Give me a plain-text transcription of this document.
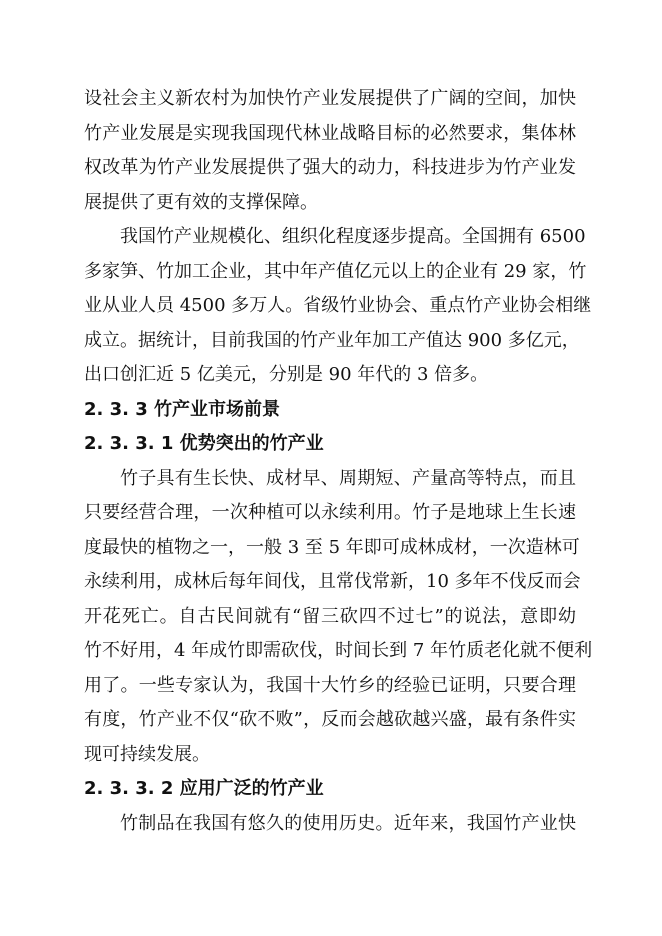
设社会主义新农村为加快竹产业发展提供了广阔的空间，加快
竹产业发展是实现我国现代林业战略目标的必然要求，集体林
权改革为竹产业发展提供了强大的动力，科技进步为竹产业发
展提供了更有效的支撑保障。
我国竹产业规模化、组织化程度逐步提高。全国拥有 6500
多家笋、竹加工企业，其中年产值亿元以上的企业有 29 家，竹
业从业人员 4500 多万人。省级竹业协会、重点竹产业协会相继
成立。据统计，目前我国的竹产业年加工产值达 900 多亿元，
出口创汇近 5 亿美元，分别是 90 年代的 3 倍多。
2. 3. 3 竹产业市场前景
2. 3. 3. 1 优势突出的竹产业
竹子具有生长快、成材早、周期短、产量高等特点，而且
只要经营合理，一次种植可以永续利用。竹子是地球上生长速
度最快的植物之一，一般 3 至 5 年即可成林成材，一次造林可
永续利用，成林后每年间伐，且常伐常新，10 多年不伐反而会
开花死亡。自古民间就有“留三砍四不过七”的说法，意即幼
竹不好用，4 年成竹即需砍伐，时间长到 7 年竹质老化就不便利
用了。一些专家认为，我国十大竹乡的经验已证明，只要合理
有度，竹产业不仅“砍不败”，反而会越砍越兴盛，最有条件实
现可持续发展。
2. 3. 3. 2 应用广泛的竹产业
竹制品在我国有悠久的使用历史。近年来，我国竹产业快
